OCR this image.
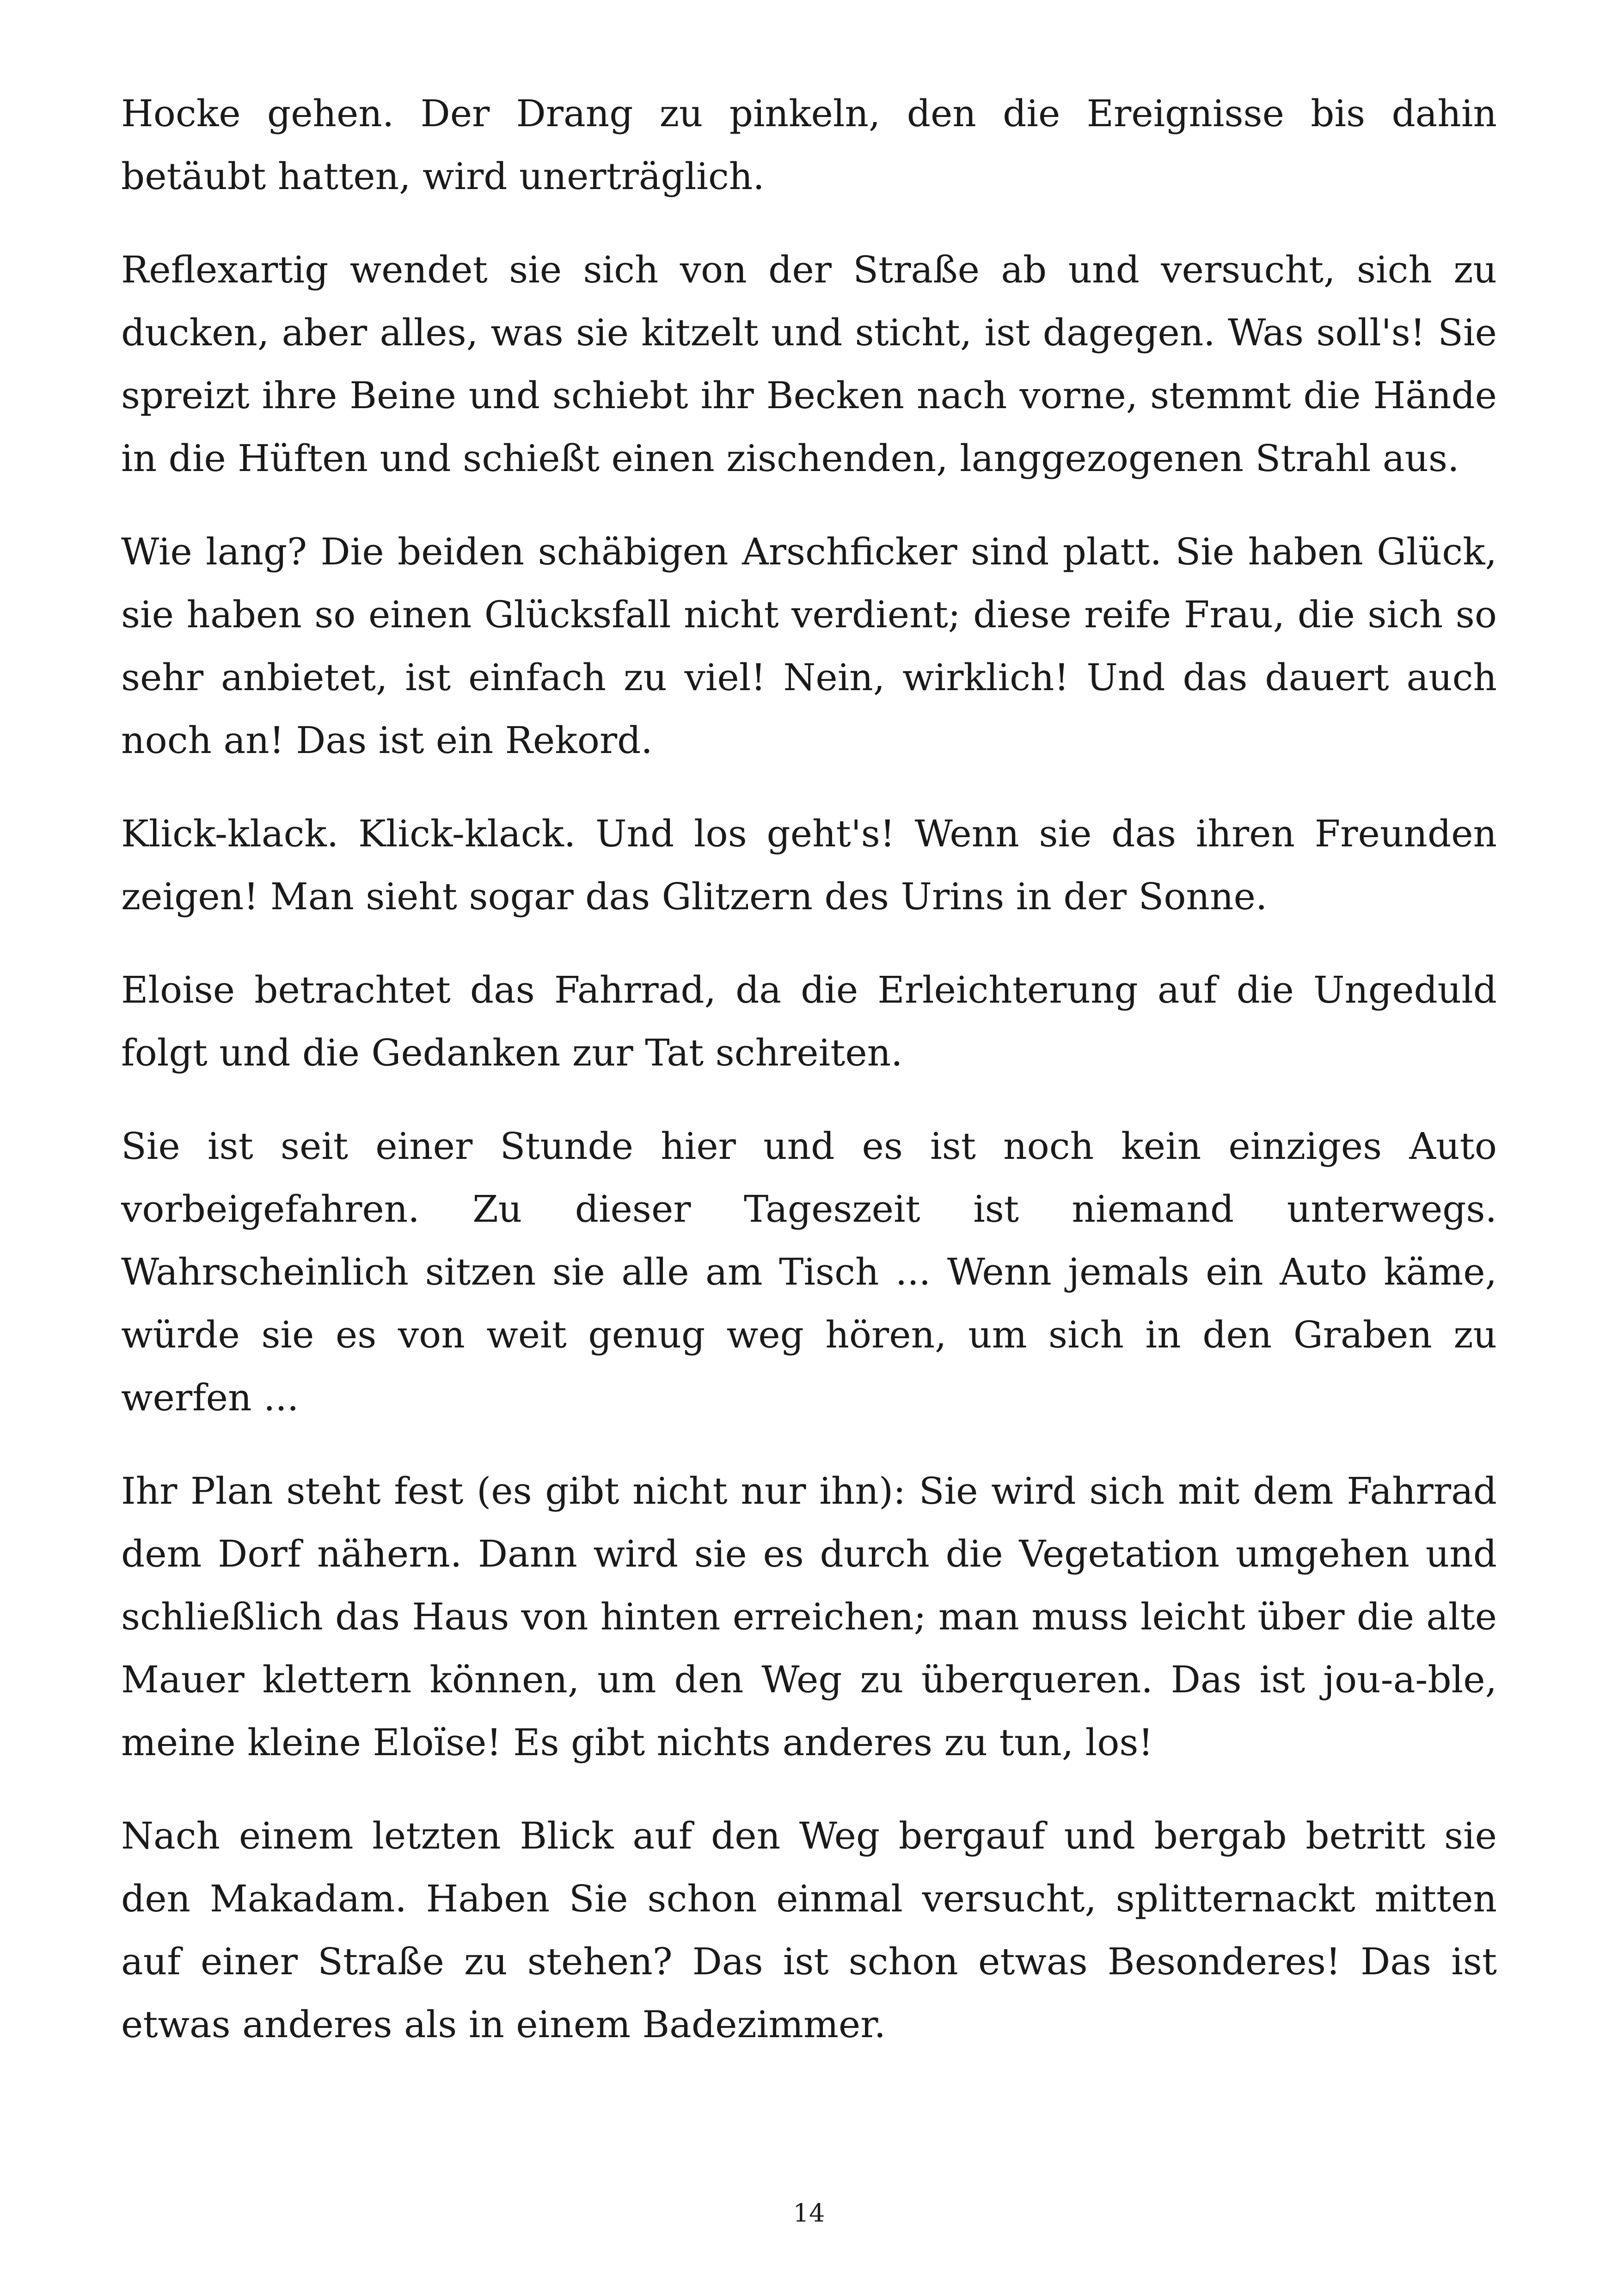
Hocke gehen. Der Drang zu pinkeln, den die Ereignisse bis dahin betäubt hatten, wird unerträglich.

Reflexartig wendet sie sich von der Straße ab und versucht, sich zu ducken, aber alles, was sie kitzelt und sticht, ist dagegen. Was soll's! Sie spreizt ihre Beine und schiebt ihr Becken nach vorne, stemmt die Hände in die Hüften und schießt einen zischenden, langgezogenen Strahl aus.

Wie lang? Die beiden schäbigen Arschficker sind platt. Sie haben Glück, sie haben so einen Glücksfall nicht verdient; diese reife Frau, die sich so sehr anbietet, ist einfach zu viel! Nein, wirklich! Und das dauert auch noch an! Das ist ein Rekord.

Klick-klack. Klick-klack. Und los geht's! Wenn sie das ihren Freunden zeigen! Man sieht sogar das Glitzern des Urins in der Sonne.

Eloise betrachtet das Fahrrad, da die Erleichterung auf die Ungeduld folgt und die Gedanken zur Tat schreiten.

Sie ist seit einer Stunde hier und es ist noch kein einziges Auto vorbeigefahren. Zu dieser Tageszeit ist niemand unterwegs. Wahrscheinlich sitzen sie alle am Tisch ... Wenn jemals ein Auto käme, würde sie es von weit genug weg hören, um sich in den Graben zu werfen ...

Ihr Plan steht fest (es gibt nicht nur ihn): Sie wird sich mit dem Fahrrad dem Dorf nähern. Dann wird sie es durch die Vegetation umgehen und schließlich das Haus von hinten erreichen; man muss leicht über die alte Mauer klettern können, um den Weg zu überqueren. Das ist jou-a-ble, meine kleine Eloïse! Es gibt nichts anderes zu tun, los!

Nach einem letzten Blick auf den Weg bergauf und bergab betritt sie den Makadam. Haben Sie schon einmal versucht, splitternackt mitten auf einer Straße zu stehen? Das ist schon etwas Besonderes! Das ist etwas anderes als in einem Badezimmer.

14
